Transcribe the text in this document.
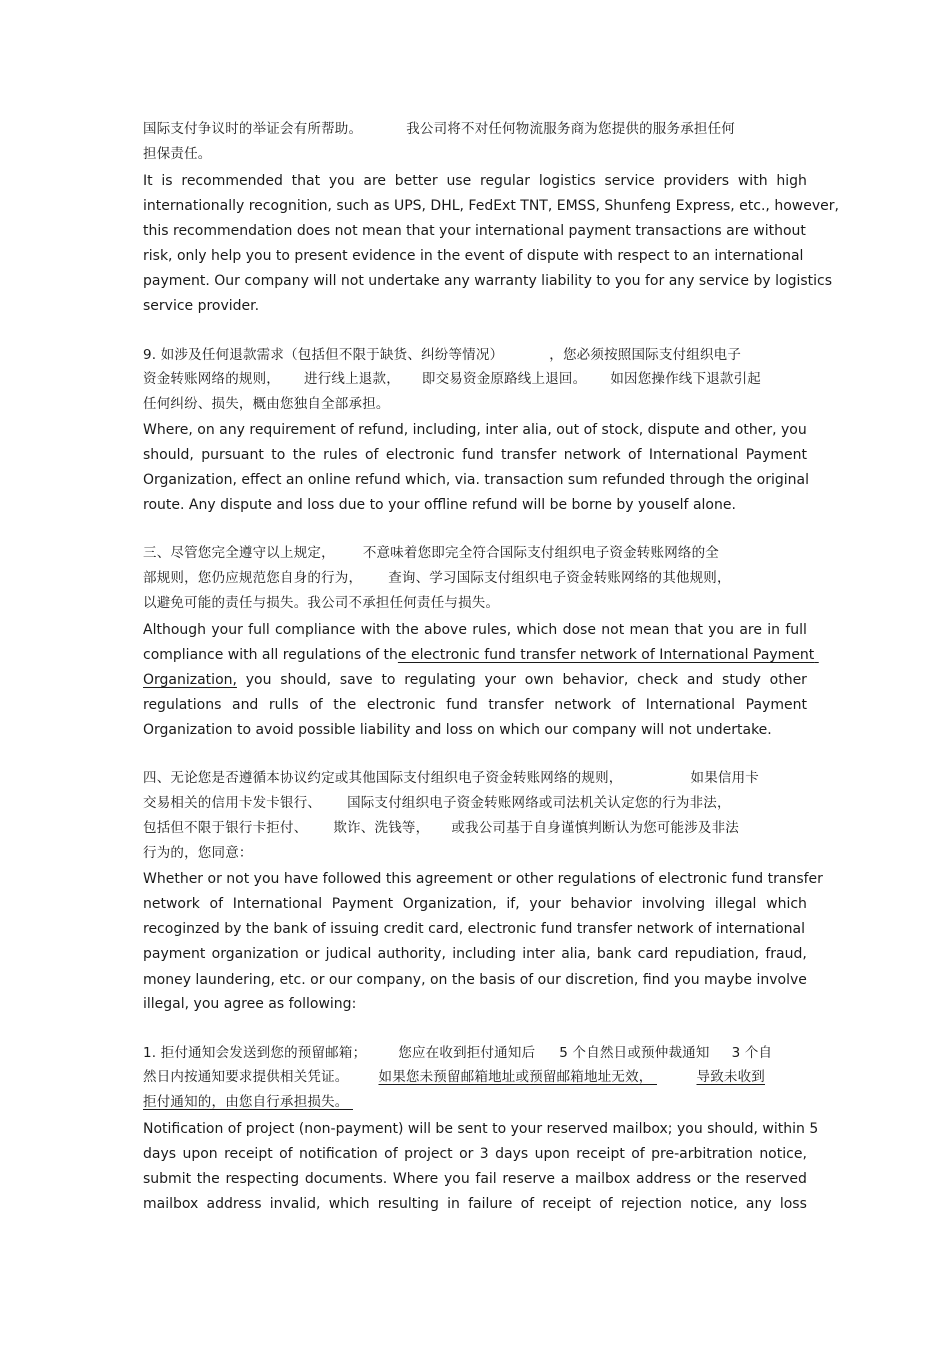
国际支付争议时的举证会有所帮助。	我公司将不对任何物流服务商为您提供的服务承担任何
担保责任。
It is recommended that you are better use regular logistics service providers with high
internationally recognition, such as UPS, DHL, FedExt TNT, EMSS, Shunfeng Express, etc., however,
this recommendation does not mean that your international payment transactions are without
risk, only help you to present evidence in the event of dispute with respect to an international
payment. Our company will not undertake any warranty liability to you for any service by logistics
service provider.
9. 如涉及任何退款需求（包括但不限于缺货、纠纷等情况）	，您必须按照国际支付组织电子
资金转账网络的规则， 进行线上退款， 即交易资金原路线上退回。 如因您操作线下退款引起
任何纠纷、损失，概由您独自全部承担。
Where, on any requirement of refund, including, inter alia, out of stock, dispute and other, you
should, pursuant to the rules of electronic fund transfer network of International Payment
Organization, effect an online refund which, via. transaction sum refunded through the original
route. Any dispute and loss due to your offline refund will be borne by youself alone.
三、尽管您完全遵守以上规定， 不意味着您即完全符合国际支付组织电子资金转账网络的全
部规则，您仍应规范您自身的行为， 查询、学习国际支付组织电子资金转账网络的其他规则，
以避免可能的责任与损失。我公司不承担任何责任与损失。
Although your full compliance with the above rules, which dose not mean that you are in full
compliance with all regulations of the electronic fund transfer network of International Payment
Organization, you should, save to regulating your own behavior, check and study other
regulations and rulls of the electronic fund transfer network of International Payment
Organization to avoid possible liability and loss on which our company will not undertake.
四、无论您是否遵循本协议约定或其他国际支付组织电子资金转账网络的规则，	如果信用卡
交易相关的信用卡发卡银行、 国际支付组织电子资金转账网络或司法机关认定您的行为非法，
包括但不限于银行卡拒付、 欺诈、洗钱等， 或我公司基于自身谨慎判断认为您可能涉及非法
行为的，您同意：
Whether or not you have followed this agreement or other regulations of electronic fund transfer
network of International Payment Organization, if, your behavior involving illegal which
recoginzed by the bank of issuing credit card, electronic fund transfer network of international
payment organization or judical authority, including inter alia, bank card repudiation, fraud,
money laundering, etc. or our company, on the basis of our discretion, find you maybe involve
illegal, you agree as following:
1. 拒付通知会发送到您的预留邮箱； 您应在收到拒付通知后 5 个自然日或预仲裁通知 3 个自
然日内按通知要求提供相关凭证。 如果您未预留邮箱地址或预留邮箱地址无效，	导致未收到
拒付通知的，由您自行承担损失。
Notification of project (non-payment) will be sent to your reserved mailbox; you should, within 5
days upon receipt of notification of project or 3 days upon receipt of pre-arbitration notice,
submit the respecting documents. Where you fail reserve a mailbox address or the reserved
mailbox address invalid, which resulting in failure of receipt of rejection notice, any loss
